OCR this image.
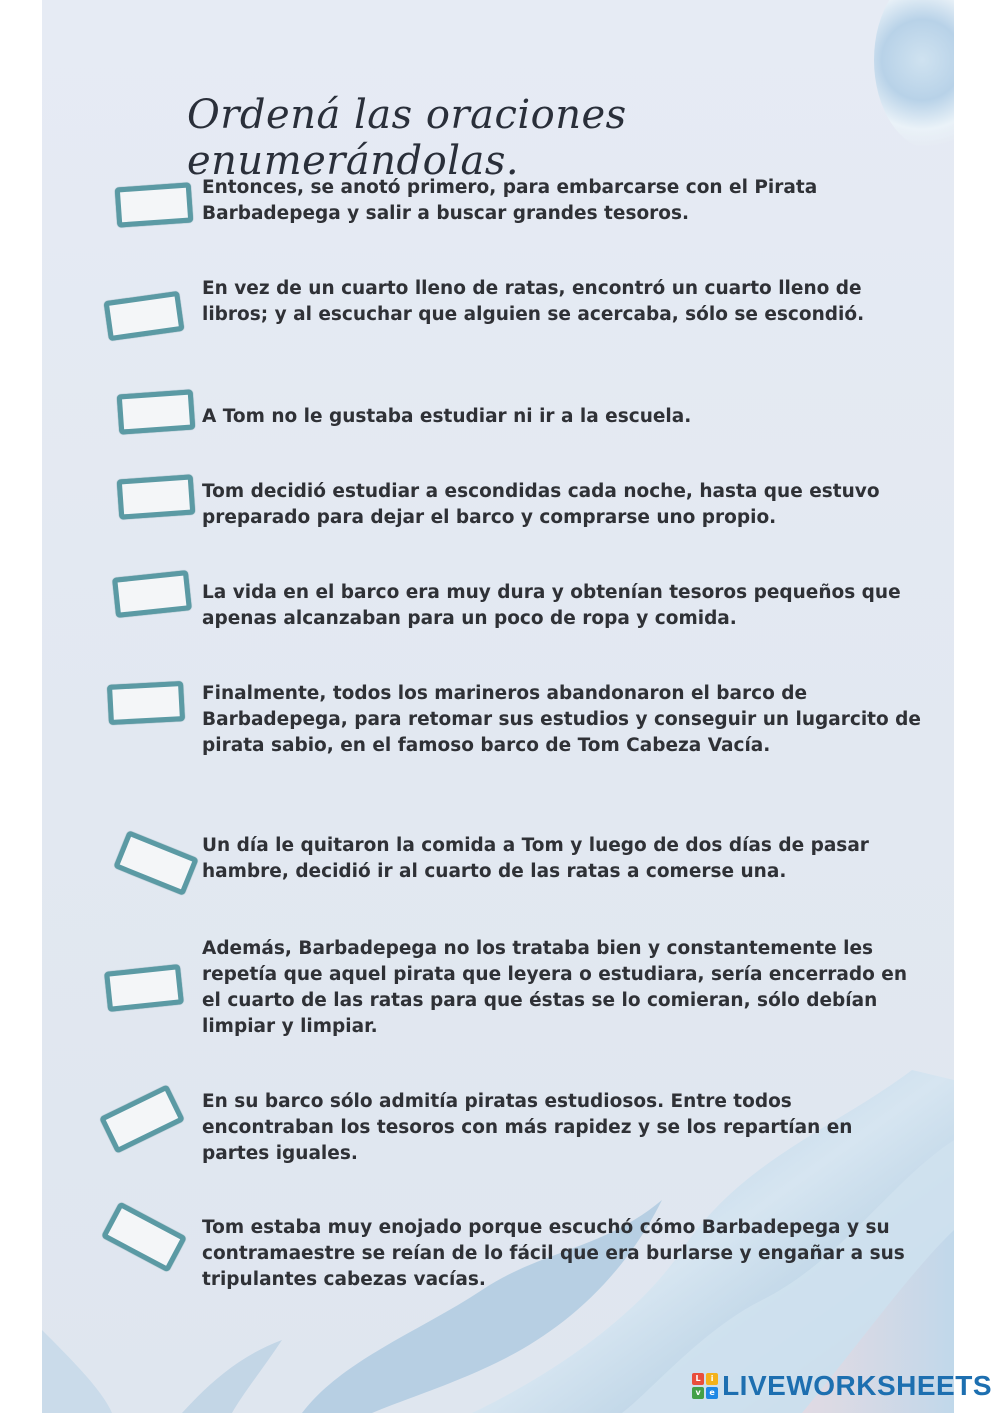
Ordená las oraciones enumerándolas.
Entonces, se anotó primero, para embarcarse con el Pirata Barbadepega y salir a buscar grandes tesoros.
En vez de un cuarto lleno de ratas, encontró un cuarto lleno de libros; y al escuchar que alguien se acercaba, sólo se escondió.
A Tom no le gustaba estudiar ni ir a la escuela.
Tom decidió estudiar a escondidas cada noche, hasta que estuvo preparado para dejar el barco y comprarse uno propio.
La vida en el barco era muy dura y obtenían tesoros pequeños que apenas alcanzaban para un poco de ropa y comida.
Finalmente, todos los marineros abandonaron el barco de Barbadepega, para retomar sus estudios y conseguir un lugarcito de pirata sabio, en el famoso barco de Tom Cabeza Vacía.
Un día le quitaron la comida a Tom y luego de dos días de pasar hambre, decidió ir al cuarto de las ratas a comerse una.
Además, Barbadepega no los trataba bien y constantemente les repetía que aquel pirata que leyera o estudiara, sería encerrado en el cuarto de las ratas para que éstas se lo comieran, sólo debían limpiar y limpiar.
En su barco sólo admitía piratas estudiosos. Entre todos encontraban los tesoros con más rapidez y se los repartían en partes iguales.
Tom estaba muy enojado porque escuchó cómo Barbadepega y su contramaestre se reían de lo fácil que era burlarse y engañar a sus tripulantes cabezas vacías.
L	i
v	e LIVEWORKSHEETS
